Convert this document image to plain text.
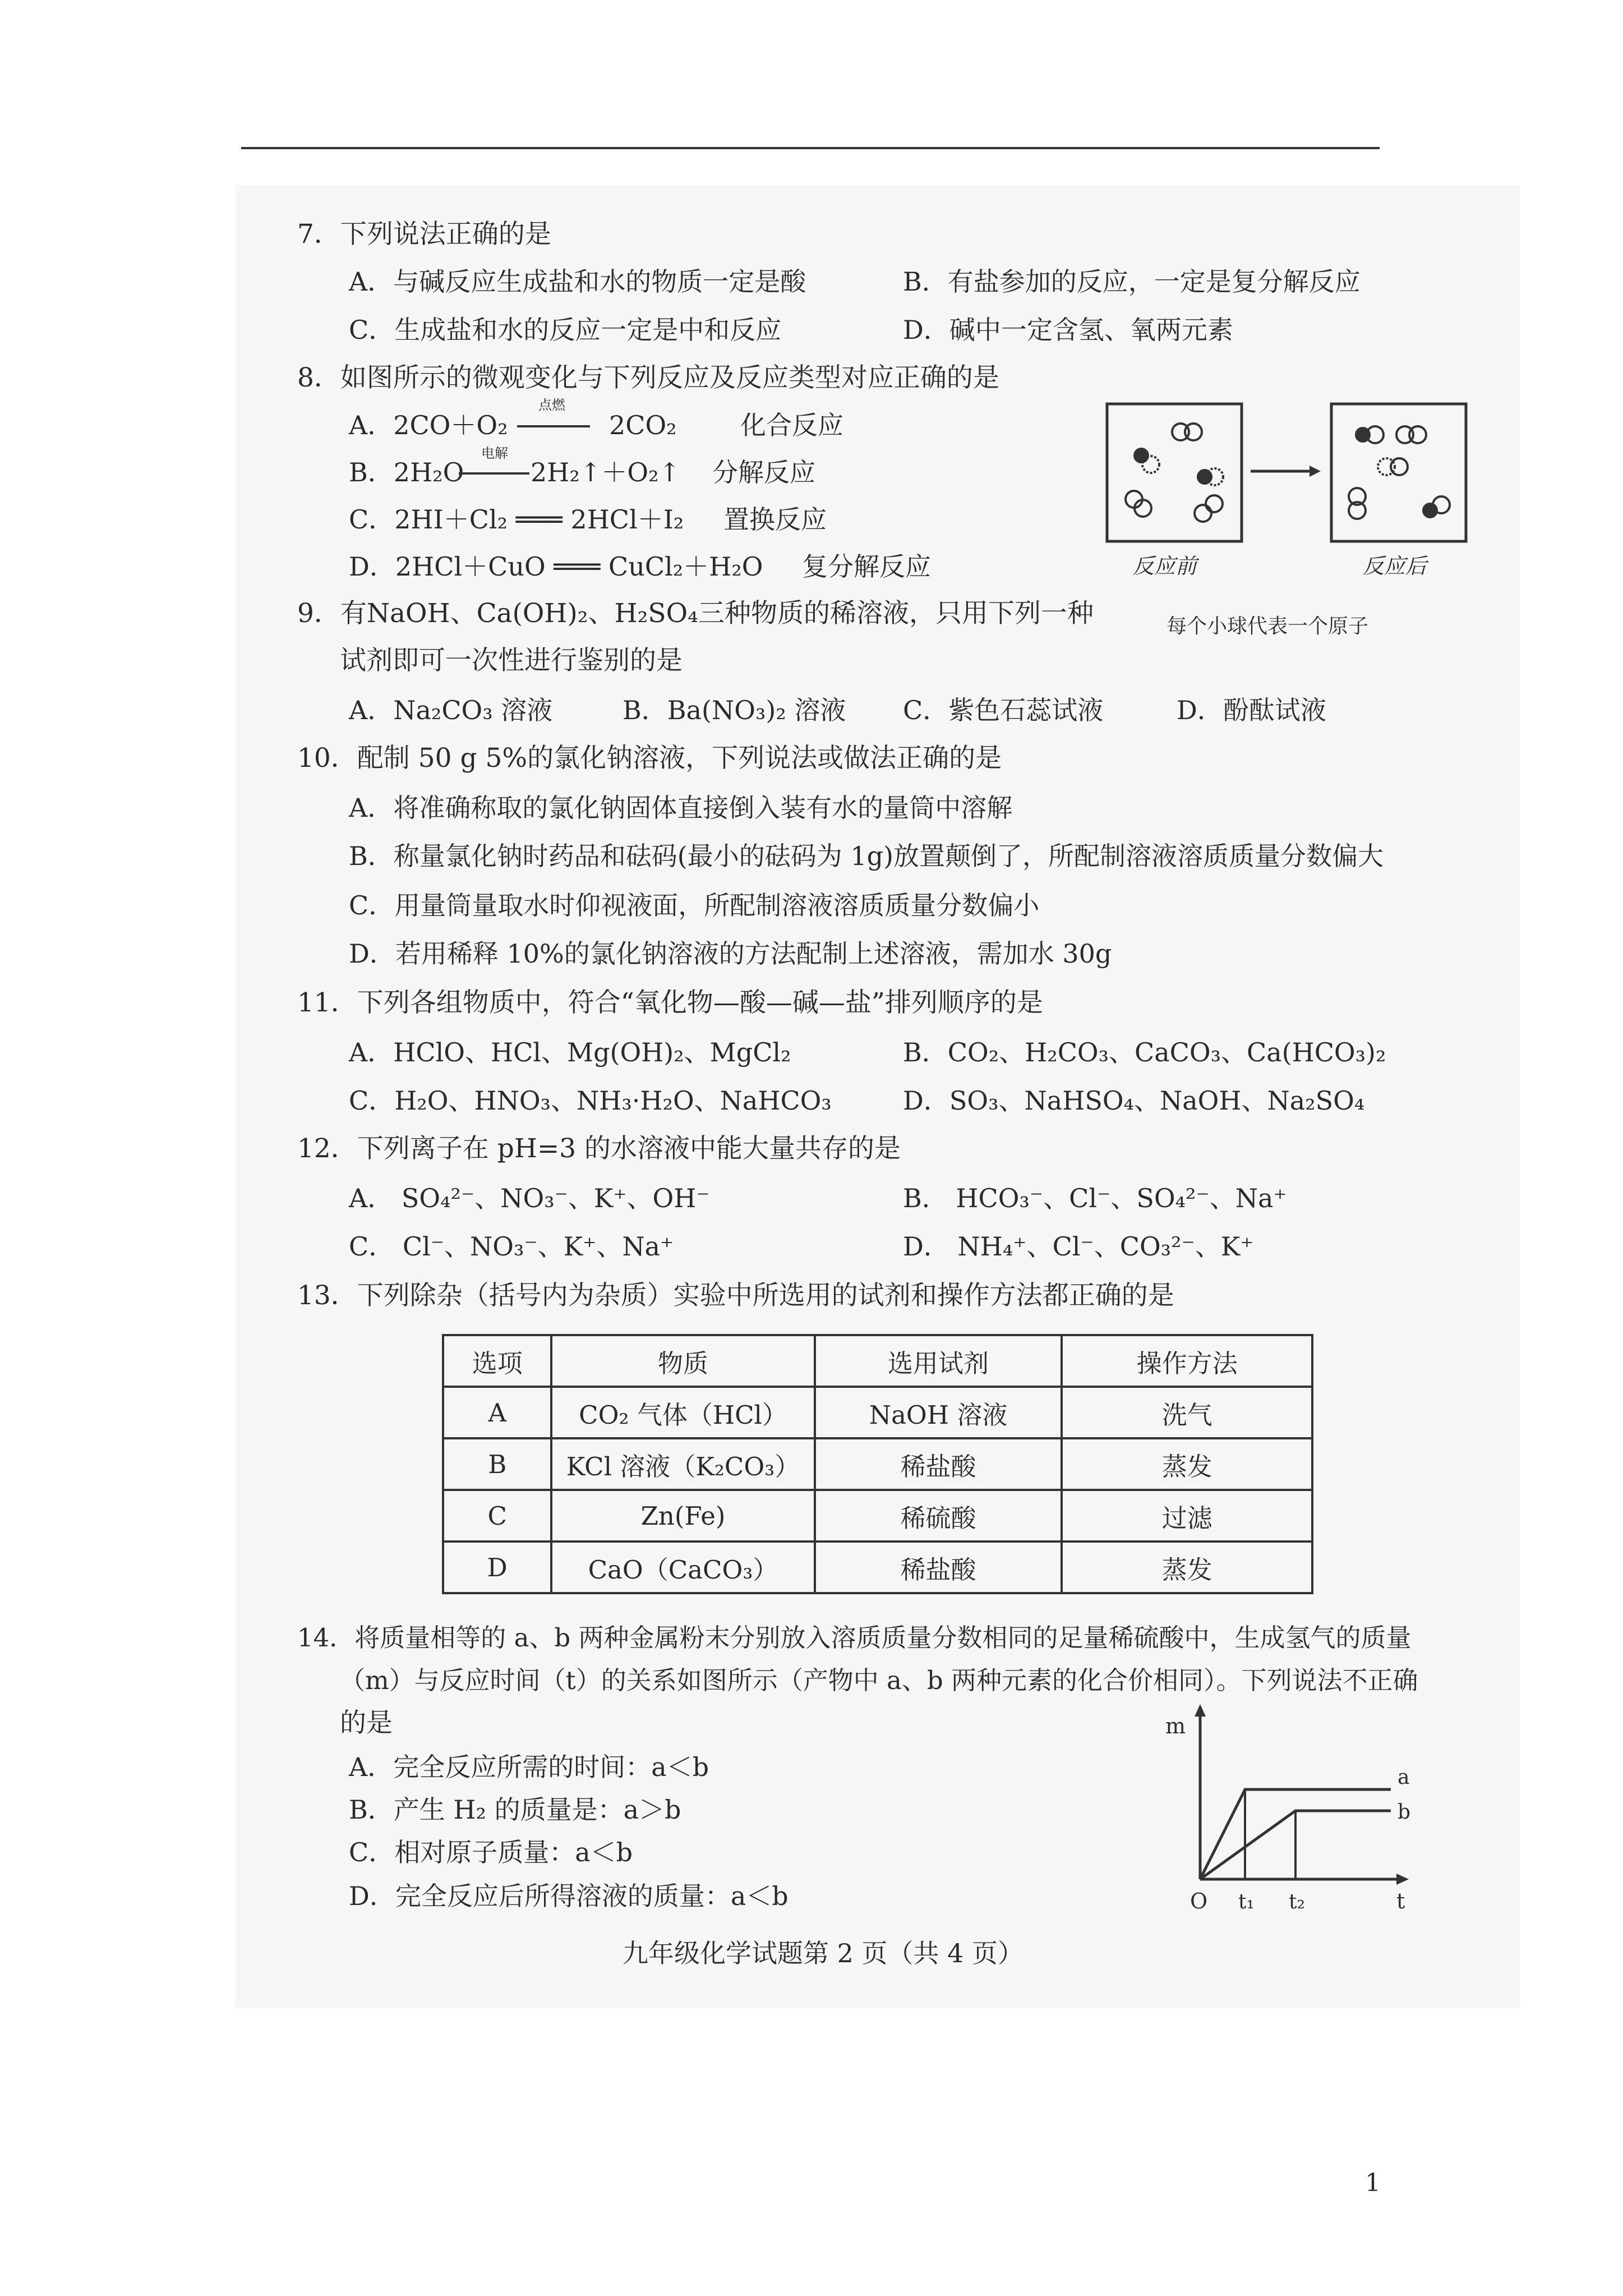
7．下列说法正确的是
A．与碱反应生成盐和水的物质一定是酸	B．有盐参加的反应，一定是复分解反应
C．生成盐和水的反应一定是中和反应	D．碱中一定含氢、氧两元素
8．如图所示的微观变化与下列反应及反应类型对应正确的是
A．2CO＋O₂
点燃
2CO₂ 化合反应
B．2H₂O
电解
2H₂↑＋O₂↑ 分解反应
C．2HI＋Cl₂ ═══ 2HCl＋I₂ 置换反应
D．2HCl＋CuO ═══ CuCl₂＋H₂O 复分解反应	反应前	反应后
每个小球代表一个原子
9．有NaOH、Ca(OH)₂、H₂SO₄三种物质的稀溶液，只用下列一种
试剂即可一次性进行鉴别的是
A．Na₂CO₃ 溶液	B．Ba(NO₃)₂ 溶液 C．紫色石蕊试液	D．酚酞试液
10．配制 50 g 5%的氯化钠溶液，下列说法或做法正确的是
A．将准确称取的氯化钠固体直接倒入装有水的量筒中溶解
B．称量氯化钠时药品和砝码(最小的砝码为 1g)放置颠倒了，所配制溶液溶质质量分数偏大
C．用量筒量取水时仰视液面，所配制溶液溶质质量分数偏小
D．若用稀释 10%的氯化钠溶液的方法配制上述溶液，需加水 30g
11．下列各组物质中，符合“氧化物—酸—碱—盐”排列顺序的是
A．HClO、HCl、Mg(OH)₂、MgCl₂	B．CO₂、H₂CO₃、CaCO₃、Ca(HCO₃)₂
C．H₂O、HNO₃、NH₃·H₂O、NaHCO₃	D．SO₃、NaHSO₄、NaOH、Na₂SO₄
12．下列离子在 pH=3 的水溶液中能大量共存的是
A． SO₄²⁻、NO₃⁻、K⁺、OH⁻	B． HCO₃⁻、Cl⁻、SO₄²⁻、Na⁺
C． Cl⁻、NO₃⁻、K⁺、Na⁺	D． NH₄⁺、Cl⁻、CO₃²⁻、K⁺
13．下列除杂（括号内为杂质）实验中所选用的试剂和操作方法都正确的是
选项	物质	选用试剂	操作方法
A	CO₂ 气体（HCl）	NaOH 溶液	洗气
B	KCl 溶液（K₂CO₃）	稀盐酸	蒸发
C	Zn(Fe)	稀硫酸	过滤
D	CaO（CaCO₃）	稀盐酸	蒸发
14．将质量相等的 a、b 两种金属粉末分别放入溶质质量分数相同的足量稀硫酸中，生成氢气的质量
（m）与反应时间（t）的关系如图所示（产物中 a、b 两种元素的化合价相同）。下列说法不正确
的是
A．完全反应所需的时间：a＜b
B．产生 H₂ 的质量是：a＞b
C．相对原子质量：a＜b
D．完全反应后所得溶液的质量：a＜b
m
t
O t₁ t₂
a
b
九年级化学试题第 2 页（共 4 页）
1
